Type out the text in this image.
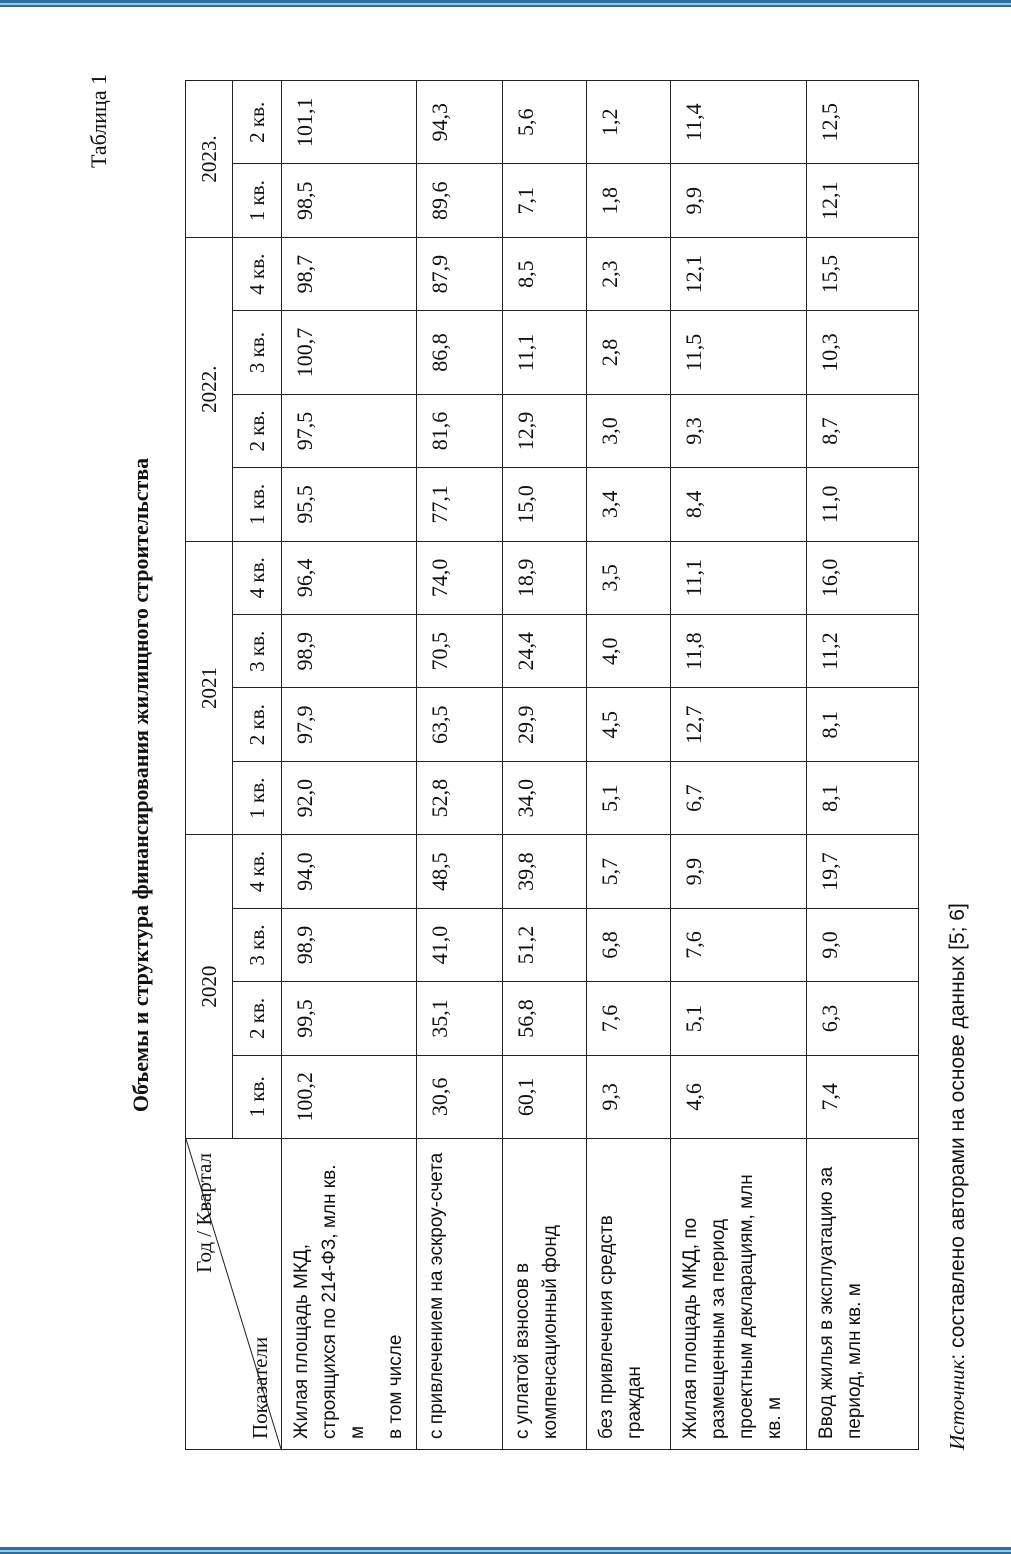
Таблица 1
Объемы и структура финансирования жилищного строительства
Год / Квартал
Показатели	2020				2021				2022.				2023.	
	1 кв.	2 кв.	3 кв.	4 кв.	1 кв.	2 кв.	3 кв.	4 кв.	1 кв.	2 кв.	3 кв.	4 кв.	1 кв.	2 кв.
Жилая площадь МКД, строящихся по 214-ФЗ, млн кв. м в том числе	100,2	99,5	98,9	94,0	92,0	97,9	98,9	96,4	95,5	97,5	100,7	98,7	98,5	101,1
с привлечением на эскроу-счета	30,6	35,1	41,0	48,5	52,8	63,5	70,5	74,0	77,1	81,6	86,8	87,9	89,6	94,3
с уплатой взносов в компенсационный фонд	60,1	56,8	51,2	39,8	34,0	29,9	24,4	18,9	15,0	12,9	11,1	8,5	7,1	5,6
без привлечения средств граждан	9,3	7,6	6,8	5,7	5,1	4,5	4,0	3,5	3,4	3,0	2,8	2,3	1,8	1,2
Жилая площадь МКД, по размещенным за период проектным декларациям, млн кв. м	4,6	5,1	7,6	9,9	6,7	12,7	11,8	11,1	8,4	9,3	11,5	12,1	9,9	11,4
Ввод жилья в эксплуатацию за период, млн кв. м	7,4	6,3	9,0	19,7	8,1	8,1	11,2	16,0	11,0	8,7	10,3	15,5	12,1	12,5
Источник: составлено авторами на основе данных [5; 6]
